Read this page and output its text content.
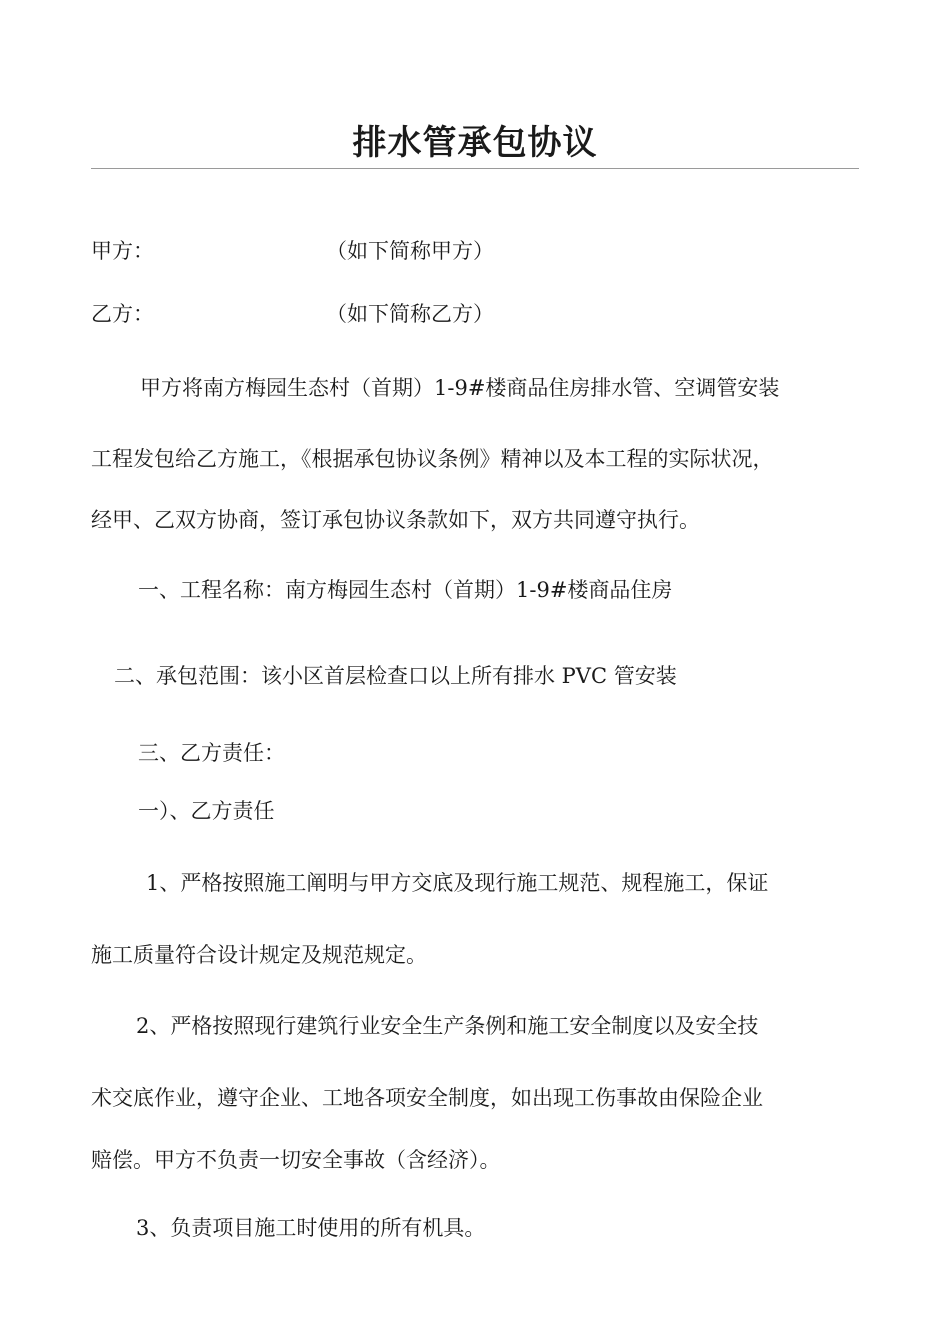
排水管承包协议
甲方：	（如下简称甲方）
乙方：	（如下简称乙方）
甲方将南方梅园生态村（首期）1-9#楼商品住房排水管、空调管安装
工程发包给乙方施工，《根据承包协议条例》精神以及本工程的实际状况，
经甲、乙双方协商，签订承包协议条款如下，双方共同遵守执行。
一、工程名称：南方梅园生态村（首期）1-9#楼商品住房
二、承包范围：该小区首层检查口以上所有排水 PVC 管安装
三、乙方责任：
一）、乙方责任
1、严格按照施工阐明与甲方交底及现行施工规范、规程施工，保证
施工质量符合设计规定及规范规定。
2、严格按照现行建筑行业安全生产条例和施工安全制度以及安全技
术交底作业，遵守企业、工地各项安全制度，如出现工伤事故由保险企业
赔偿。甲方不负责一切安全事故（含经济）。
3、负责项目施工时使用的所有机具。
